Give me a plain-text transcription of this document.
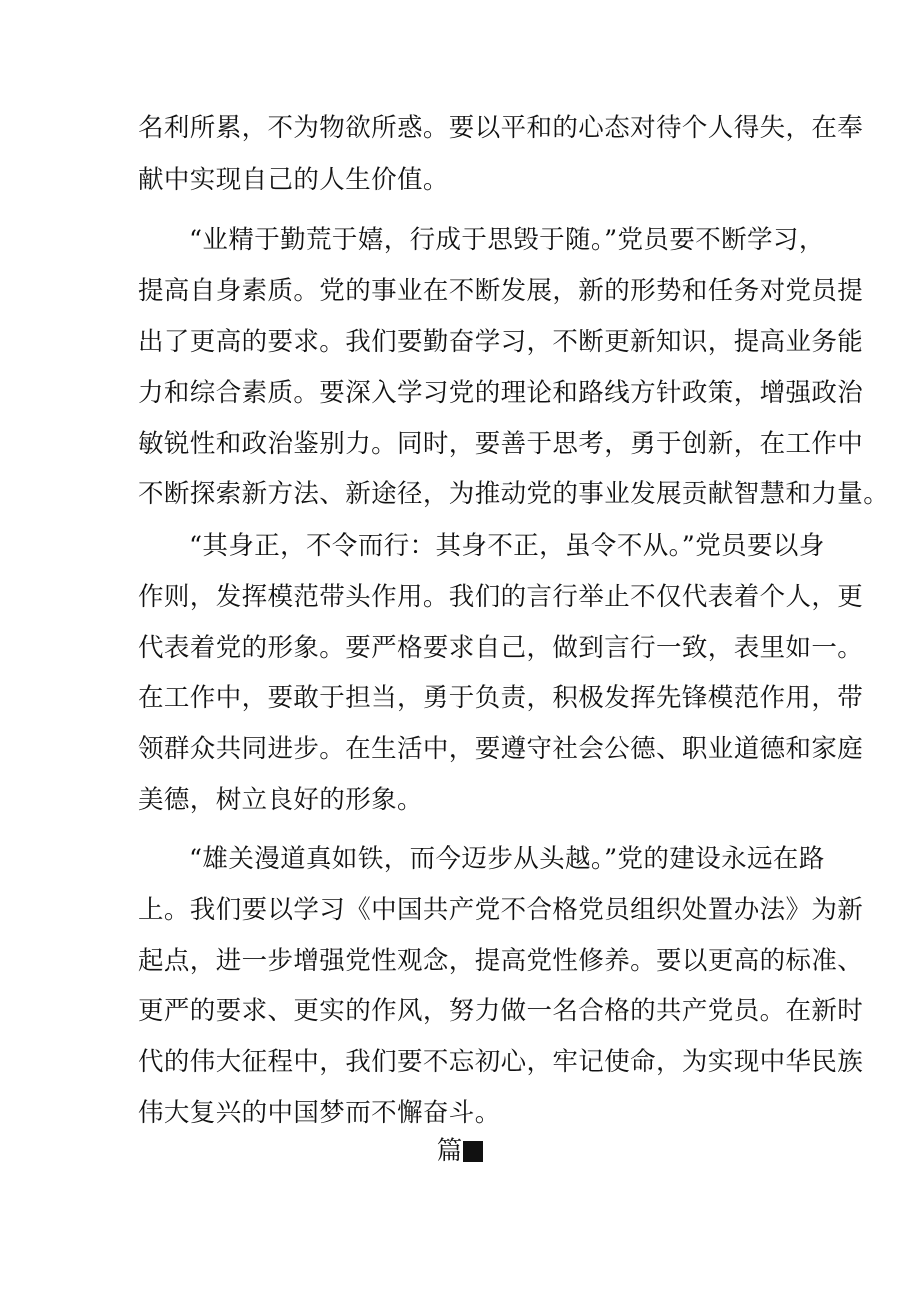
名利所累，不为物欲所惑。要以平和的心态对待个人得失，在奉
献中实现自己的人生价值。
“业精于勤荒于嬉，行成于思毁于随。”党员要不断学习，
提高自身素质。党的事业在不断发展，新的形势和任务对党员提
出了更高的要求。我们要勤奋学习，不断更新知识，提高业务能
力和综合素质。要深入学习党的理论和路线方针政策，增强政治
敏锐性和政治鉴别力。同时，要善于思考，勇于创新，在工作中
不断探索新方法、新途径，为推动党的事业发展贡献智慧和力量。
“其身正，不令而行：其身不正，虽令不从。”党员要以身
作则，发挥模范带头作用。我们的言行举止不仅代表着个人，更
代表着党的形象。要严格要求自己，做到言行一致，表里如一。
在工作中，要敢于担当，勇于负责，积极发挥先锋模范作用，带
领群众共同进步。在生活中，要遵守社会公德、职业道德和家庭
美德，树立良好的形象。
“雄关漫道真如铁，而今迈步从头越。”党的建设永远在路
上。我们要以学习《中国共产党不合格党员组织处置办法》为新
起点，进一步增强党性观念，提高党性修养。要以更高的标准、
更严的要求、更实的作风，努力做一名合格的共产党员。在新时
代的伟大征程中，我们要不忘初心，牢记使命，为实现中华民族
伟大复兴的中国梦而不懈奋斗。
篇
